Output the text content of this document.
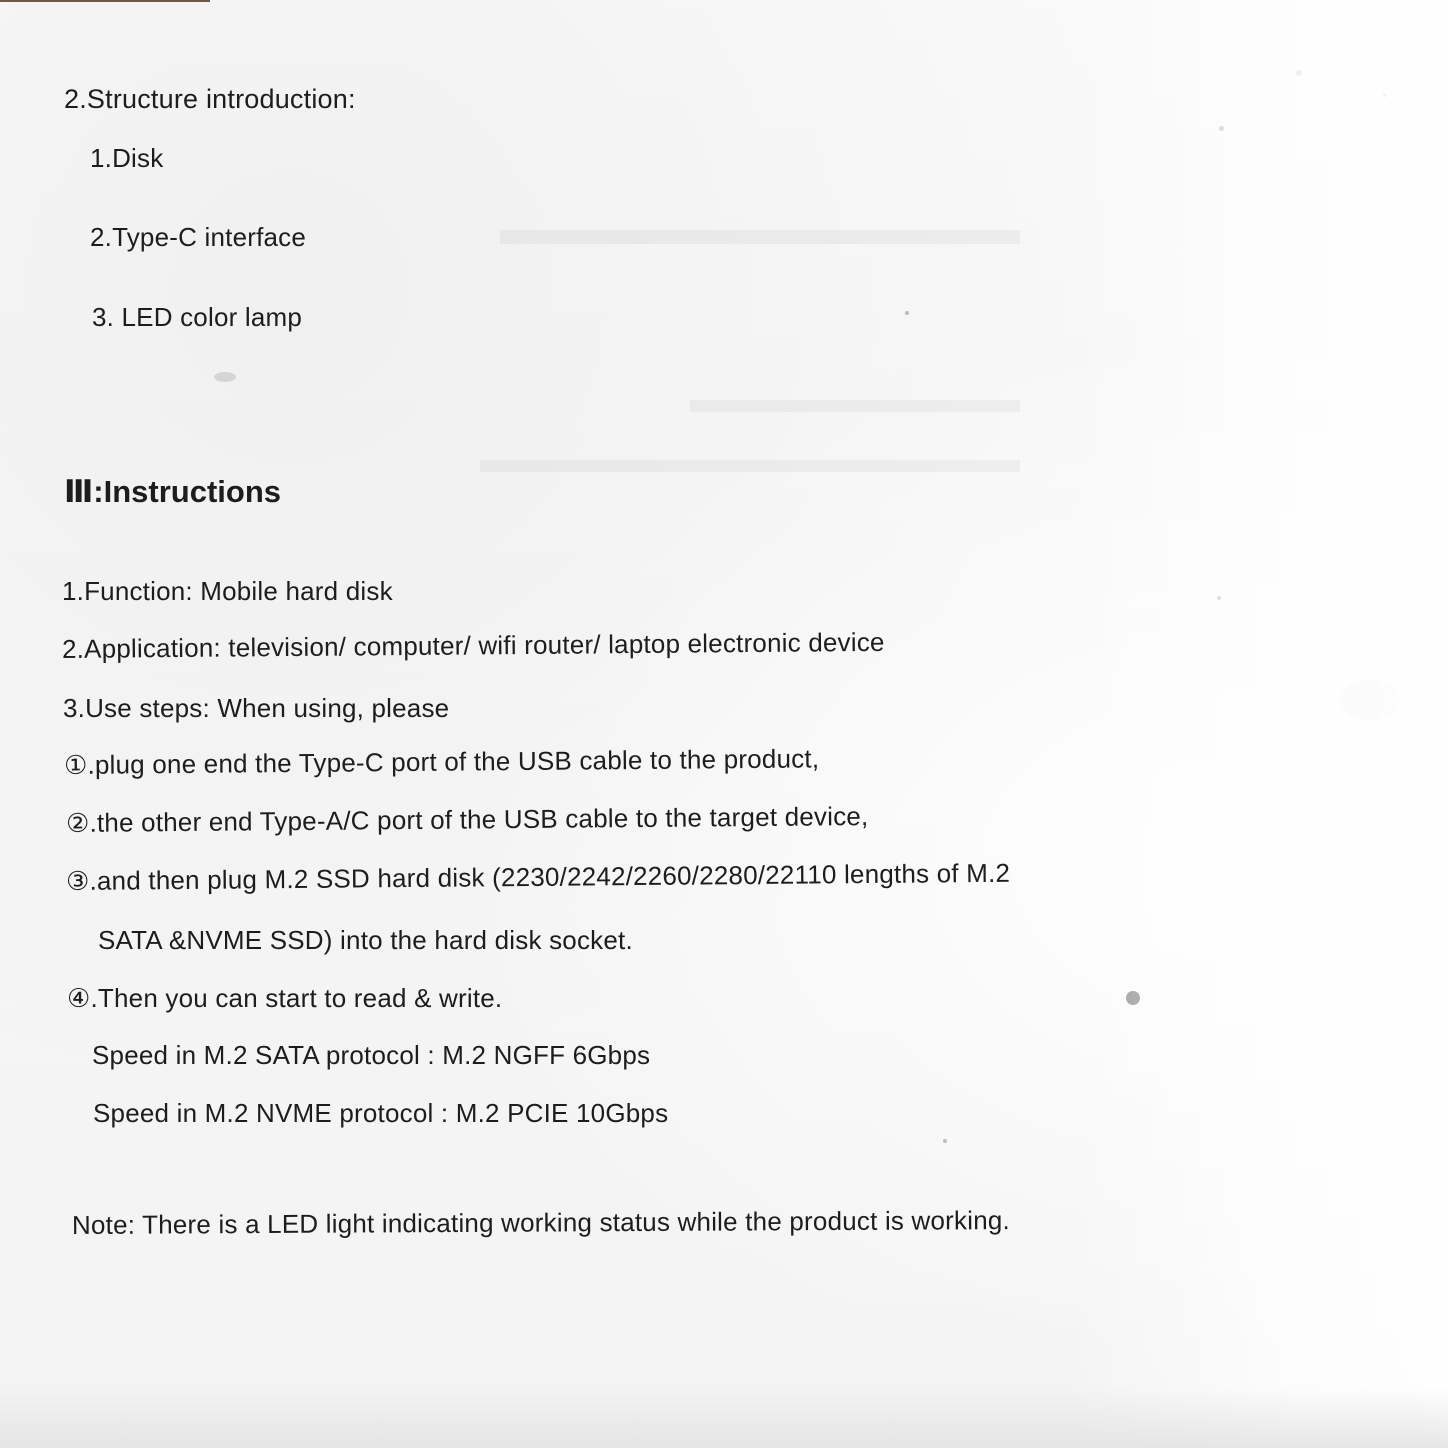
2.Structure introduction:
1.Disk
2.Type-C interface
3. LED color lamp
Ⅲ:Instructions
1.Function: Mobile hard disk
2.Application: television/ computer/ wifi router/ laptop electronic device
3.Use steps: When using, please
①.plug one end the Type-C port of the USB cable to the product,
②.the other end Type-A/C port of the USB cable to the target device,
③.and then plug M.2 SSD hard disk (2230/2242/2260/2280/22110 lengths of M.2
SATA &NVME SSD) into the hard disk socket.
④.Then you can start to read & write.
Speed in M.2 SATA protocol : M.2 NGFF 6Gbps
Speed in M.2 NVME protocol : M.2 PCIE 10Gbps
Note: There is a LED light indicating working status while the product is working.
